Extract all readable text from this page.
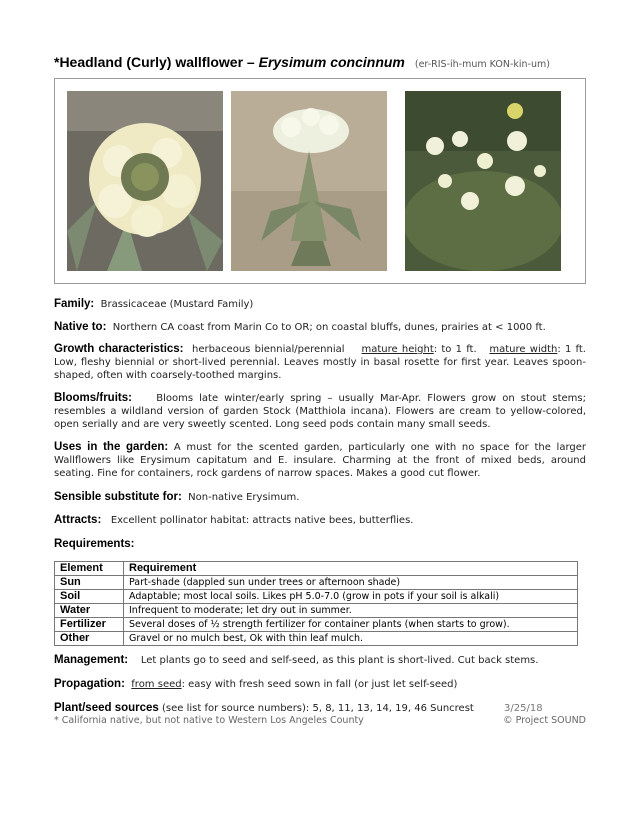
*Headland (Curly) wallflower – Erysimum concinnum (er-RIS-ih-mum KON-kin-um)
Family: Brassicaceae (Mustard Family)
Native to: Northern CA coast from Marin Co to OR; on coastal bluffs, dunes, prairies at < 1000 ft.
Growth characteristics: herbaceous biennial/perennial mature height: to 1 ft. mature width: 1 ft. Low, fleshy biennial or short-lived perennial. Leaves mostly in basal rosette for first year. Leaves spoon-shaped, often with coarsely-toothed margins.
Blooms/fruits: Blooms late winter/early spring – usually Mar-Apr. Flowers grow on stout stems; resembles a wildland version of garden Stock (Matthiola incana). Flowers are cream to yellow-colored, open serially and are very sweetly scented. Long seed pods contain many small seeds.
Uses in the garden: A must for the scented garden, particularly one with no space for the larger Wallflowers like Erysimum capitatum and E. insulare. Charming at the front of mixed beds, around seating. Fine for containers, rock gardens of narrow spaces. Makes a good cut flower.
Sensible substitute for: Non-native Erysimum.
Attracts: Excellent pollinator habitat: attracts native bees, butterflies.
Requirements:
Element	Requirement
Sun	Part-shade (dappled sun under trees or afternoon shade)
Soil	Adaptable; most local soils. Likes pH 5.0-7.0 (grow in pots if your soil is alkali)
Water	Infrequent to moderate; let dry out in summer.
Fertilizer	Several doses of ½ strength fertilizer for container plants (when starts to grow).
Other	Gravel or no mulch best, Ok with thin leaf mulch.
Management: Let plants go to seed and self-seed, as this plant is short-lived. Cut back stems.
Propagation: from seed: easy with fresh seed sown in fall (or just let self-seed)
Plant/seed sources (see list for source numbers): 5, 8, 11, 13, 14, 19, 46 Suncrest	3/25/18
* California native, but not native to Western Los Angeles County	© Project SOUND
